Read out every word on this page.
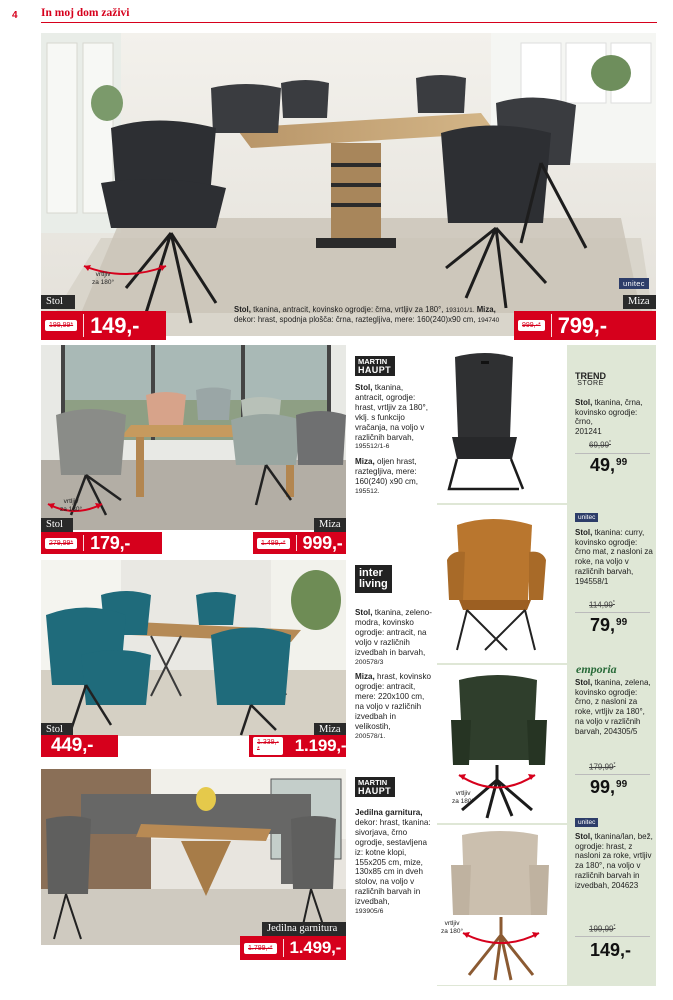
4 In moj dom zaživi
vrtljiv
za 180°	unitec
Stol	Miza
199,99* 149,-	999,-* 799,-
Stol, tkanina, antracit, kovinsko ogrodje: črna, vrtljiv za 180°, 193101/1. Miza, dekor: hrast, spodnja plošča: črna, raztegljiva, mere: 160(240)x90 cm, 194740
vrtljiv
za 180°
Stol	Miza
279,99* 179,-	1.499,-* 999,-
MARTIN
HAUPT

Stol, tkanina, antracit, ogrodje: hrast, vrtljiv za 180°, vklj. s funkcijo vračanja, na voljo v različnih barvah,
195512/1-6

Miza, oljen hrast, raztegljiva, mere: 160(240) x90 cm,
195512.

Stol	Miza
449,-	1.339,-*	1.199,-
inter
living

Stol, tkanina, zeleno-modra, kovinsko ogrodje: antracit, na voljo v različnih izvedbah in barvah,
200578/3

Miza, hrast, kovinsko ogrodje: antracit, mere: 220x100 cm, na voljo v različnih izvedbah in velikostih,
200578/1.

Jedilna garnitura
1.799,-* 1.499,-
MARTIN
HAUPT

Jedilna garnitura, dekor: hrast, tkanina: sivorjava, črno ogrodje, sestavljena iz: kotne klopi, 155x205 cm, mize, 130x85 cm in dveh stolov, na voljo v različnih barvah in izvedbah,
193905/6

TREND
STORE
Stol, tkanina, črna, kovinsko ogrodje: črno,
201241
69,99*
49,99
unitec
Stol, tkanina: curry, kovinsko ogrodje: črno mat, z nasloni za roke, na voljo v različnih barvah, 194558/1
114,99*
79,99
vrtljiv
za 180°
emporia
Stol, tkanina, zelena, kovinsko ogrodje: črno, z nasloni za roke, vrtljiv za 180°, na voljo v različnih barvah, 204305/5
179,99*
99,99
vrtljiv
za 180°
unitec
Stol, tkanina/lan, bež, ogrodje: hrast, z nasloni za roke, vrtljiv za 180°, na voljo v različnih barvah in izvedbah, 204623
199,99*
149,-
